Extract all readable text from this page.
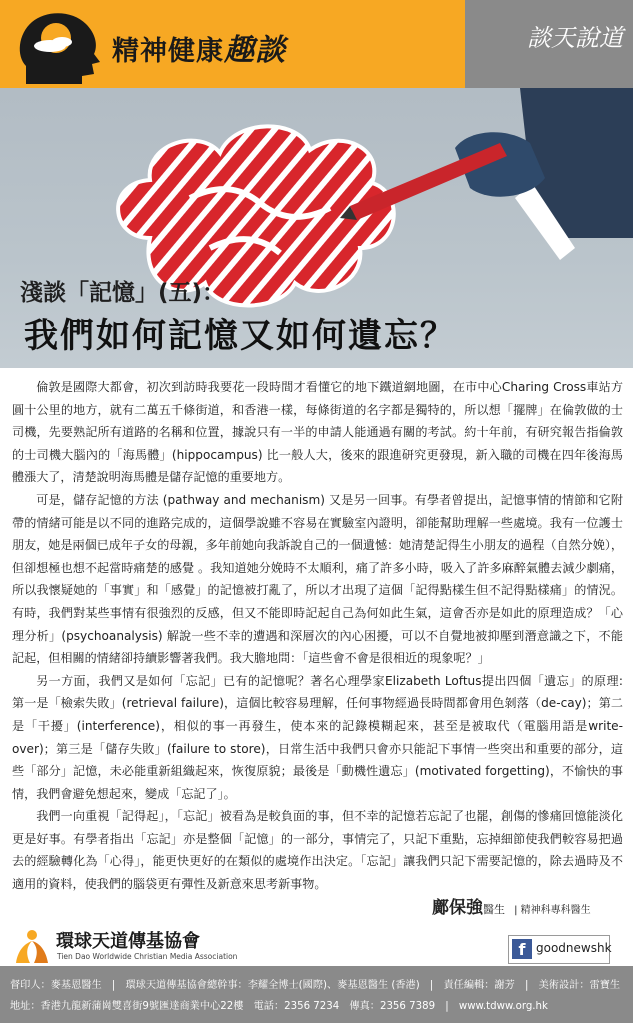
精神健康趣談	談天說道
淺談「記憶」(五)：
我們如何記憶又如何遺忘？

倫敦是國際大都會，初次到訪時我要花一段時間才看懂它的地下鐵道網地圖，在市中心Charing Cross車站方圓十公里的地方，就有二萬五千條街道，和香港一樣，每條街道的名字都是獨特的，所以想「擺牌」在倫敦做的士司機，先要熟記所有道路的名稱和位置，據說只有一半的申請人能通過有關的考試。約十年前，有研究報告指倫敦的士司機大腦內的「海馬體」(hippocampus) 比一般人大，後來的跟進研究更發現，新入職的司機在四年後海馬體漲大了，清楚說明海馬體是儲存記憶的重要地方。

可是，儲存記憶的方法 (pathway and mechanism) 又是另一回事。有學者曾提出，記憶事情的情節和它附帶的情緒可能是以不同的進路完成的，這個學說雖不容易在實驗室內證明，卻能幫助理解一些處境。我有一位護士朋友，她是兩個已成年子女的母親，多年前她向我訴說自己的一個遺憾：她清楚記得生小朋友的過程（自然分娩），但卻想極也想不起當時痛楚的感覺 。我知道她分娩時不太順利，痛了許多小時，吸入了許多麻醉氣體去減少劇痛，所以我懷疑她的「事實」和「感覺」的記憶被打亂了，所以才出現了這個「記得點樣生但不記得點樣痛」的情況。有時，我們對某些事情有很強烈的反感，但又不能即時記起自己為何如此生氣，這會否亦是如此的原理造成？「心理分析」(psychoanalysis) 解說一些不幸的遭遇和深層次的內心困擾，可以不自覺地被抑壓到潛意識之下，不能記起，但相關的情緒卻持續影響著我們。我大膽地問：「這些會不會是很相近的現象呢？」

另一方面，我們又是如何「忘記」已有的記憶呢？著名心理學家Elizabeth Loftus提出四個「遺忘」的原理: 第一是「檢索失敗」(retrieval failure)，這個比較容易理解，任何事物經過長時間都會用色剝落（de-cay)；第二是「干擾」(interference)，相似的事一再發生，使本來的記錄模糊起來，甚至是被取代（電腦用語是write-over)；第三是「儲存失敗」(failure to store)，日常生活中我們只會亦只能記下事情一些突出和重要的部分，這些「部分」記憶，未必能重新組織起來，恢復原貌；最後是「動機性遺忘」(motivated forgetting)，不愉快的事情，我們會避免想起來，變成「忘記了」。

我們一向重視「記得起」，「忘記」被看為是較負面的事，但不幸的記憶若忘記了也罷，創傷的慘痛回憶能淡化更是好事。有學者指出「忘記」亦是整個「記憶」的一部分，事情完了，只記下重點，忘掉細節使我們較容易把過去的經驗轉化為「心得」，能更快更好的在類似的處境作出決定。「忘記」讓我們只記下需要記憶的，除去過時及不適用的資料，使我們的腦袋更有彈性及新意來思考新事物。

鄺保強醫生 | 精神科專科醫生
環球天道傳基協會
Tien Dao Worldwide Christian Media Association	f goodnewshk
督印人：麥基恩醫生　|　環球天道傳基協會總幹事：李耀全博士(國際)、麥基恩醫生 (香港)　|　責任編輯：謝芳　|　美術設計：雷寶生
地址：香港九龍新蒲崗雙喜街9號匯達商業中心22樓　電話：2356 7234　傳真：2356 7389　|　www.tdww.org.hk
